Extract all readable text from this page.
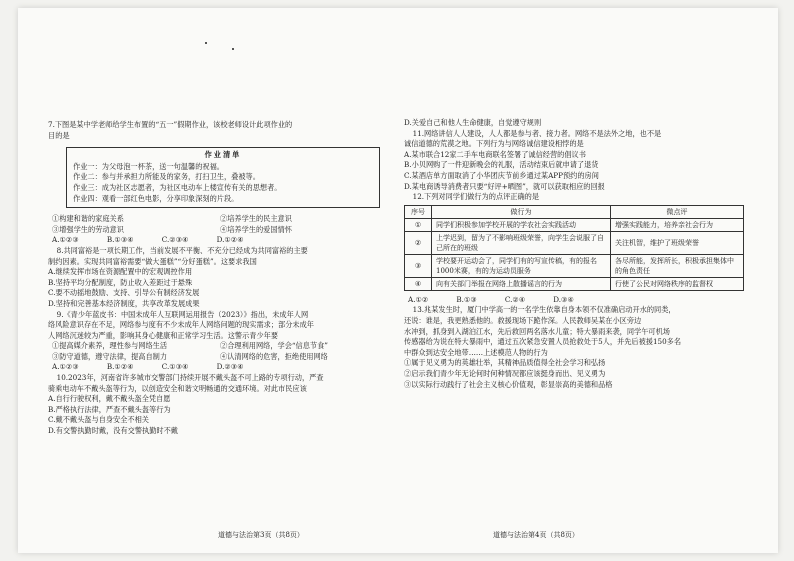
7.下图是某中学老师给学生布置的“五一”假期作业，该校老师设计此项作业的

目的是

作业清单

作业一：为父母泡一杯茶，送一句温馨的祝福。

作业二：参与并承担力所能及的家务，打扫卫生，叠被等。

作业三：成为社区志愿者，为社区电动车上楼宣传有关的思想者。

作业四：观看一部红色电影，分享印象深刻的片段。

①构建和谐的家庭关系	②培养学生的民主意识
③增强学生的劳动意识	④培养学生的爱国情怀
A.①②③	B.①③④	C.②③④	D.①②④

8.共同富裕是一项长期工作，当前发展不平衡、不充分已经成为共同富裕的主要

制约因素。实现共同富裕需要“做大蛋糕”“分好蛋糕”。这要求我国

A.继续发挥市场在资源配置中的宏观调控作用

B.坚持平均分配制度，防止收入差距过于悬殊

C.要不动摇地鼓励、支持、引导公有制经济发展

D.坚持和完善基本经济制度，共享改革发展成果

9.《青少年蓝皮书：中国未成年人互联网运用报告（2023）》指出，未成年人网

络风险意识存在不足，网络参与度有不少未成年人网络问题的现实需求；部分未成年

人网络沉迷较为严重，影响其身心健康和正常学习生活。这警示青少年要

①提高媒介素养，理性参与网络生活	②合理利用网络，学会“信息节食”
③防守道德，遵守法律，提高自制力	④认清网络的危害，拒绝使用网络
A.①②③	B.①②④	C.①③④	D.②③④

10.2023年，河南省许多城市交警部门持续开展不戴头盔不可上路的专项行动，严查

骑乘电动车不戴头盔等行为，以创造安全和谐文明畅通的交通环境。对此市民应该

A.自行行驶权利，戴不戴头盔全凭自愿

B.严格执行法律，严查不戴头盔等行为

C.戴不戴头盔与自身安全不相关

D.有交警执勤时戴，没有交警执勤时不戴

道德与法治第3页（共8页）

D.关爱自己和他人生命健康，自觉遵守规则

11.网络讲信人人建设，人人都是参与者、接力者。网络不是法外之地，也不是

诚信道德的荒漠之地。下列行为与网络诚信建设相悖的是

A.某市联合12家二手车电商联名签署了诚信经营的倡议书

B.小贝网购了一件迎新晚会的礼服，活动结束后就申请了退货

C.某酒店单方面取消了小华团庆节前乡通过某APP预约的房间

D.某电商诱导消费者只要“好评+晒图”，就可以获取相应的回报

12.下列对同学们做行为的点评正确的是

序号	做行为	微点评
①	同学们积极参加学校开展的学农社会实践活动	增强实践能力，培养亲社会行为
②	上学迟到，留为了不影响班级荣誉，向学生会说服了自己所在的班级	关注机智，维护了班级荣誉
③	学校要开运动会了，同学们有的写宣传稿，有的报名1000米赛，有的为运动员服务	各尽所能，发挥所长，积极承担集体中的角色责任
④	向有关部门举报在网络上散播谣言的行为	行使了公民对网络秩序的监督权
A.①②	B.①③	C.②④	D.③④

13.兆某发生时，厦门中学高一的一名学生依靠自身本领不仅准确启动开水的同类，

还说：谁是，我更熟悉他的。救援现场下跪作深。人民教师吴某在小区旁边

水冲到，抓身到入湖泊江水，先后救回两名落水儿童；特大暴雨来袭，同学午可机场

传感器给为说在特大暴雨中，通过五次紧急安置人员抢救处于5人，并先后被援150多名

中群众到达安全地带……上述模范人物的行为

①属于见义勇为的英雄壮举，其精神品质值得全社会学习和弘扬

②启示我们青少年无论何时何种情况都应该挺身而出、见义勇为

③以实际行动践行了社会主义核心价值观，彰显崇高的美德和品格

道德与法治第4页（共8页）
